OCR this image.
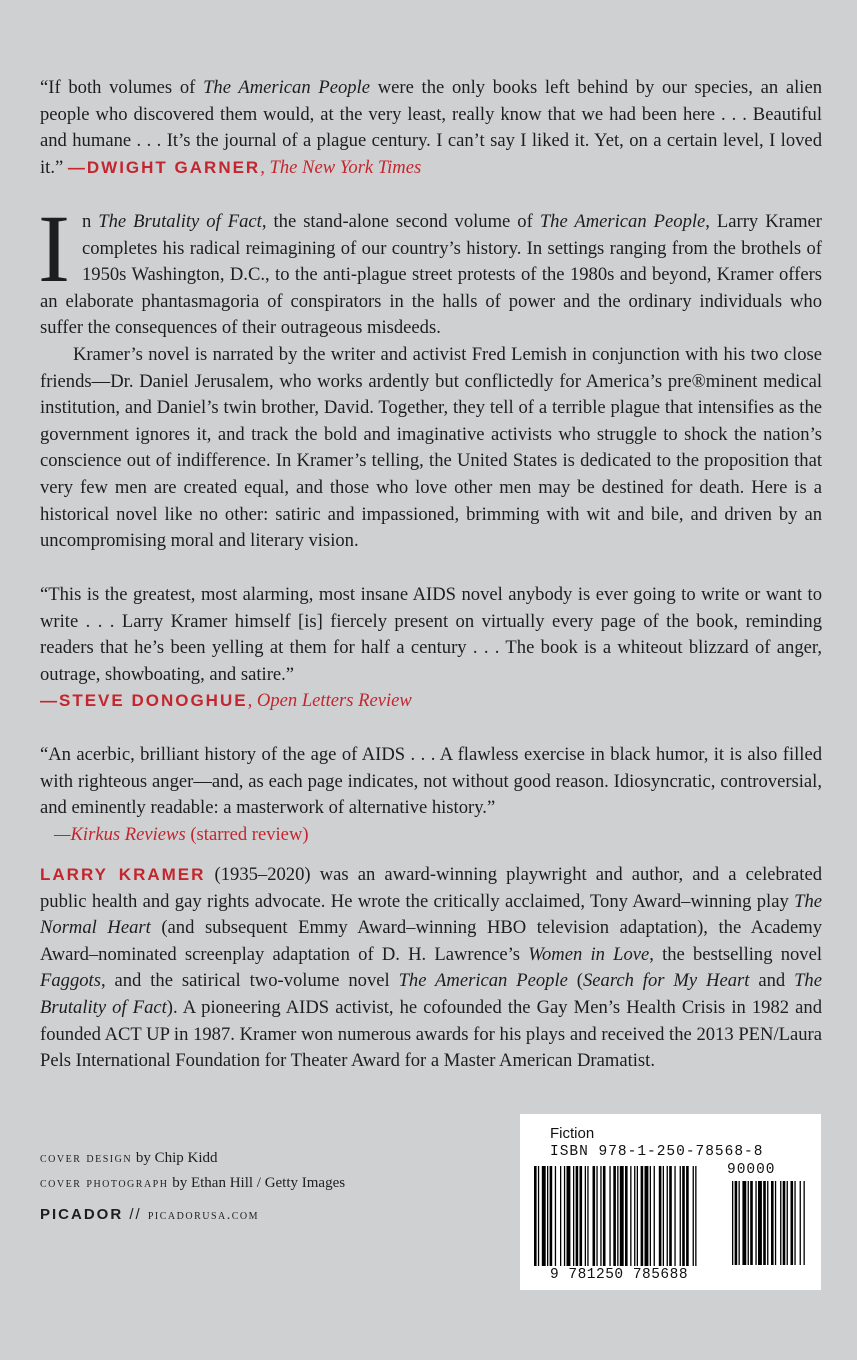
“If both volumes of The American People were the only books left behind by our species, an alien people who discovered them would, at the very least, really know that we had been here . . . Beautiful and humane . . . It’s the journal of a plague century. I can’t say I liked it. Yet, on a certain level, I loved it.” —DWIGHT GARNER, The New York Times

In The Brutality of Fact, the stand-alone second volume of The American People, Larry Kramer completes his radical reimagining of our country’s history. In settings ranging from the brothels of 1950s Washington, D.C., to the anti-plague street protests of the 1980s and beyond, Kramer offers an elaborate phantasmagoria of conspirators in the halls of power and the ordinary individuals who suffer the consequences of their outrageous misdeeds.

Kramer’s novel is narrated by the writer and activist Fred Lemish in conjunction with his two close friends—Dr. Daniel Jerusalem, who works ardently but conflictedly for America’s pre®minent medical institution, and Daniel’s twin brother, David. Together, they tell of a terrible plague that intensifies as the government ignores it, and track the bold and imaginative activists who struggle to shock the nation’s conscience out of indifference. In Kramer’s telling, the United States is dedicated to the proposition that very few men are created equal, and those who love other men may be destined for death. Here is a historical novel like no other: satiric and impassioned, brimming with wit and bile, and driven by an uncompromising moral and literary vision.

“This is the greatest, most alarming, most insane AIDS novel anybody is ever going to write or want to write . . . Larry Kramer himself [is] fiercely present on virtually every page of the book, reminding readers that he’s been yelling at them for half a century . . . The book is a whiteout blizzard of anger, outrage, showboating, and satire.”

—STEVE DONOGHUE, Open Letters Review

“An acerbic, brilliant history of the age of AIDS . . . A flawless exercise in black humor, it is also filled with righteous anger—and, as each page indicates, not without good reason. Idiosyncratic, controversial, and eminently readable: a masterwork of alternative history.”

—Kirkus Reviews (starred review)

LARRY KRAMER (1935–2020) was an award-winning playwright and author, and a celebrated public health and gay rights advocate. He wrote the critically acclaimed, Tony Award–winning play The Normal Heart (and subsequent Emmy Award–winning HBO television adaptation), the Academy Award–nominated screenplay adaptation of D. H. Lawrence’s Women in Love, the bestselling novel Faggots, and the satirical two-volume novel The American People (Search for My Heart and The Brutality of Fact). A pioneering AIDS activist, he cofounded the Gay Men’s Health Crisis in 1982 and founded ACT UP in 1987. Kramer won numerous awards for his plays and received the 2013 PEN/Laura Pels International Foundation for Theater Award for a Master American Dramatist.
cover design by Chip Kidd
cover photograph by Ethan Hill / Getty Images
PICADOR // picadorusa.com
Fiction
ISBN 978-1-250-78568-8
90000
9 781250 785688
